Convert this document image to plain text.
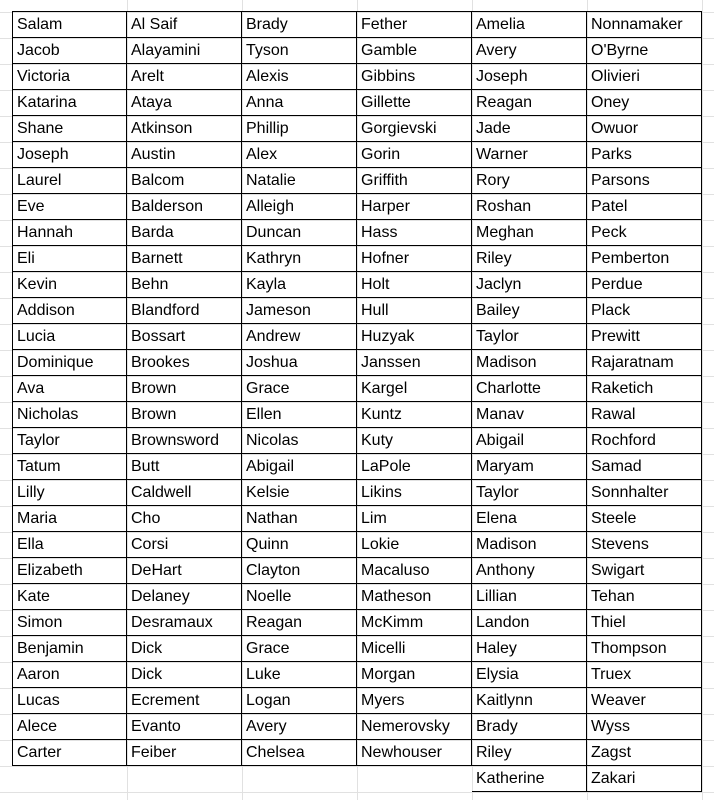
Salam
Jacob
Victoria
Katarina
Shane
Joseph
Laurel
Eve
Hannah
Eli
Kevin
Addison
Lucia
Dominique
Ava
Nicholas
Taylor
Tatum
Lilly
Maria
Ella
Elizabeth
Kate
Simon
Benjamin
Aaron
Lucas
Alece
Carter
Al Saif
Alayamini
Arelt
Ataya
Atkinson
Austin
Balcom
Balderson
Barda
Barnett
Behn
Blandford
Bossart
Brookes
Brown
Brown
Brownsword
Butt
Caldwell
Cho
Corsi
DeHart
Delaney
Desramaux
Dick
Dick
Ecrement
Evanto
Feiber
Brady
Tyson
Alexis
Anna
Phillip
Alex
Natalie
Alleigh
Duncan
Kathryn
Kayla
Jameson
Andrew
Joshua
Grace
Ellen
Nicolas
Abigail
Kelsie
Nathan
Quinn
Clayton
Noelle
Reagan
Grace
Luke
Logan
Avery
Chelsea
Fether
Gamble
Gibbins
Gillette
Gorgievski
Gorin
Griffith
Harper
Hass
Hofner
Holt
Hull
Huzyak
Janssen
Kargel
Kuntz
Kuty
LaPole
Likins
Lim
Lokie
Macaluso
Matheson
McKimm
Micelli
Morgan
Myers
Nemerovsky
Newhouser
Amelia
Avery
Joseph
Reagan
Jade
Warner
Rory
Roshan
Meghan
Riley
Jaclyn
Bailey
Taylor
Madison
Charlotte
Manav
Abigail
Maryam
Taylor
Elena
Madison
Anthony
Lillian
Landon
Haley
Elysia
Kaitlynn
Brady
Riley
Katherine
Nonnamaker
O'Byrne
Olivieri
Oney
Owuor
Parks
Parsons
Patel
Peck
Pemberton
Perdue
Plack
Prewitt
Rajaratnam
Raketich
Rawal
Rochford
Samad
Sonnhalter
Steele
Stevens
Swigart
Tehan
Thiel
Thompson
Truex
Weaver
Wyss
Zagst
Zakari
